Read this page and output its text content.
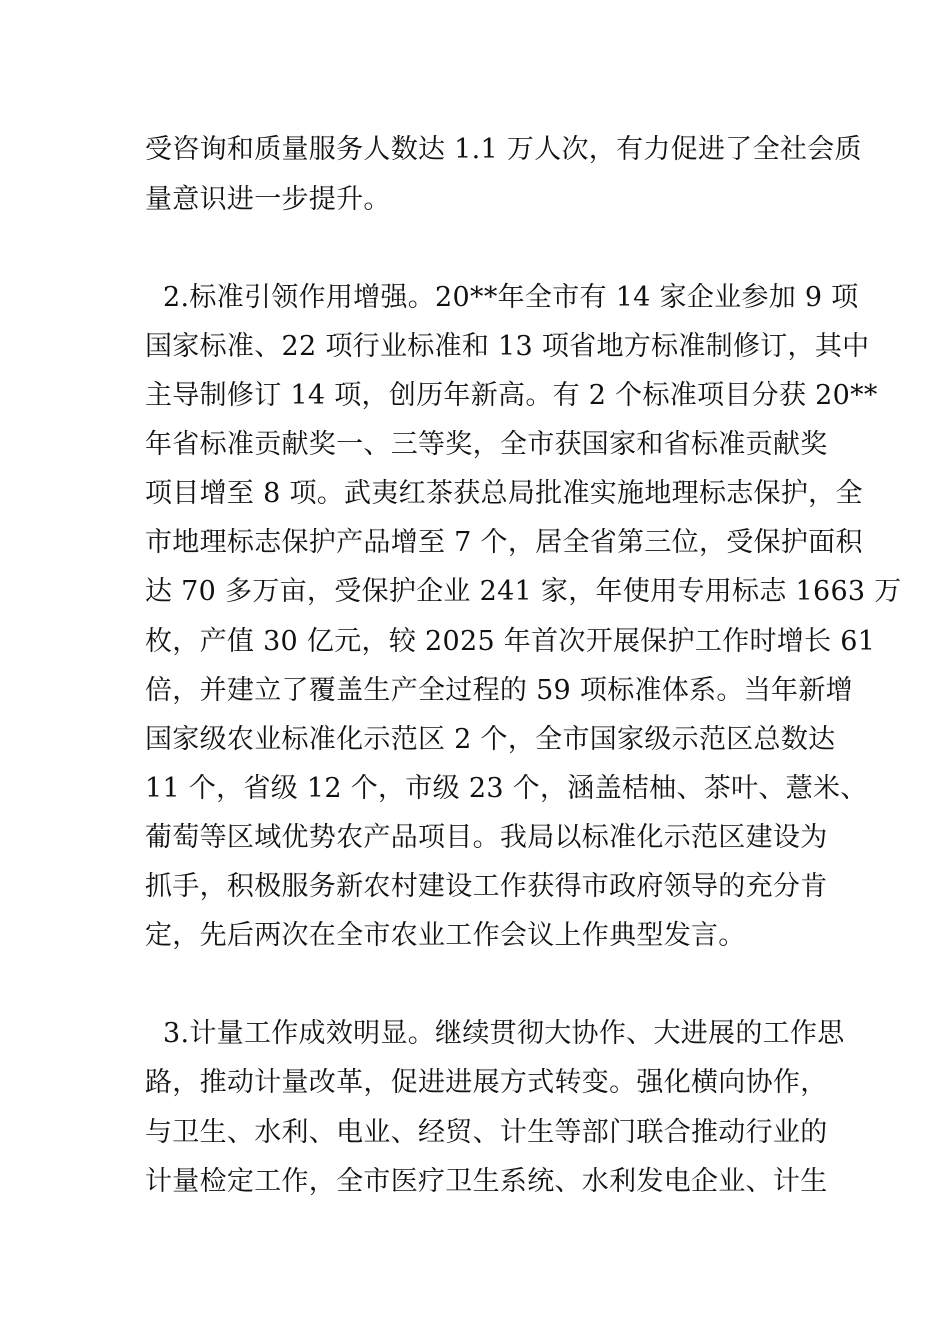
受咨询和质量服务人数达 1.1 万人次，有力促进了全社会质
量意识进一步提升。
2.标准引领作用增强。20**年全市有 14 家企业参加 9 项
国家标准、22 项行业标准和 13 项省地方标准制修订，其中
主导制修订 14 项，创历年新高。有 2 个标准项目分获 20**
年省标准贡献奖一、三等奖，全市获国家和省标准贡献奖
项目增至 8 项。武夷红茶获总局批准实施地理标志保护，全
市地理标志保护产品增至 7 个，居全省第三位，受保护面积
达 70 多万亩，受保护企业 241 家，年使用专用标志 1663 万
枚，产值 30 亿元，较 2025 年首次开展保护工作时增长 61
倍，并建立了覆盖生产全过程的 59 项标准体系。当年新增
国家级农业标准化示范区 2 个，全市国家级示范区总数达
11 个，省级 12 个，市级 23 个，涵盖桔柚、茶叶、薏米、
葡萄等区域优势农产品项目。我局以标准化示范区建设为
抓手，积极服务新农村建设工作获得市政府领导的充分肯
定，先后两次在全市农业工作会议上作典型发言。
3.计量工作成效明显。继续贯彻大协作、大进展的工作思
路，推动计量改革，促进进展方式转变。强化横向协作，
与卫生、水利、电业、经贸、计生等部门联合推动行业的
计量检定工作，全市医疗卫生系统、水利发电企业、计生
